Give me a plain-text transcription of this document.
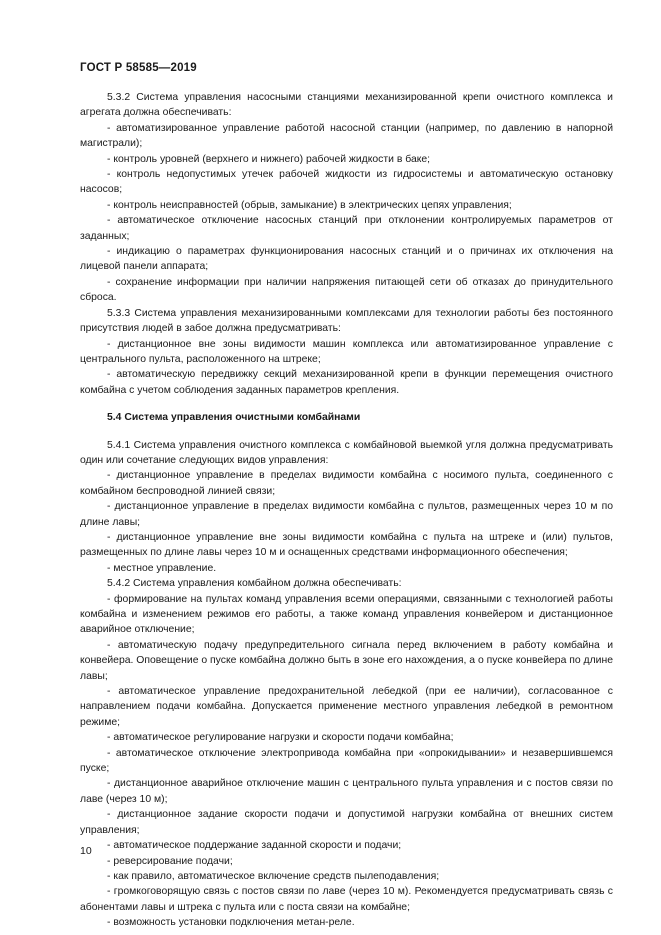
ГОСТ Р 58585—2019

5.3.2 Система управления насосными станциями механизированной крепи очистного комплекса и агрегата должна обеспечивать:

- автоматизированное управление работой насосной станции (например, по давлению в напорной магистрали);

- контроль уровней (верхнего и нижнего) рабочей жидкости в баке;

- контроль недопустимых утечек рабочей жидкости из гидросистемы и автоматическую остановку насосов;

- контроль неисправностей (обрыв, замыкание) в электрических цепях управления;

- автоматическое отключение насосных станций при отклонении контролируемых параметров от заданных;

- индикацию о параметрах функционирования насосных станций и о причинах их отключения на лицевой панели аппарата;

- сохранение информации при наличии напряжения питающей сети об отказах до принудительного сброса.

5.3.3 Система управления механизированными комплексами для технологии работы без постоянного присутствия людей в забое должна предусматривать:

- дистанционное вне зоны видимости машин комплекса или автоматизированное управление с центрального пульта, расположенного на штреке;

- автоматическую передвижку секций механизированной крепи в функции перемещения очистного комбайна с учетом соблюдения заданных параметров крепления.

5.4 Система управления очистными комбайнами

5.4.1 Система управления очистного комплекса с комбайновой выемкой угля должна предусматривать один или сочетание следующих видов управления:

- дистанционное управление в пределах видимости комбайна с носимого пульта, соединенного с комбайном беспроводной линией связи;

- дистанционное управление в пределах видимости комбайна с пультов, размещенных через 10 м по длине лавы;

- дистанционное управление вне зоны видимости комбайна с пульта на штреке и (или) пультов, размещенных по длине лавы через 10 м и оснащенных средствами информационного обеспечения;

- местное управление.

5.4.2 Система управления комбайном должна обеспечивать:

- формирование на пультах команд управления всеми операциями, связанными с технологией работы комбайна и изменением режимов его работы, а также команд управления конвейером и дистанционное аварийное отключение;

- автоматическую подачу предупредительного сигнала перед включением в работу комбайна и конвейера. Оповещение о пуске комбайна должно быть в зоне его нахождения, а о пуске конвейера по длине лавы;

- автоматическое управление предохранительной лебедкой (при ее наличии), согласованное с направлением подачи комбайна. Допускается применение местного управления лебедкой в ремонтном режиме;

- автоматическое регулирование нагрузки и скорости подачи комбайна;

- автоматическое отключение электропривода комбайна при «опрокидывании» и незавершившемся пуске;

- дистанционное аварийное отключение машин с центрального пульта управления и с постов связи по лаве (через 10 м);

- дистанционное задание скорости подачи и допустимой нагрузки комбайна от внешних систем управления;

- автоматическое поддержание заданной скорости и подачи;

- реверсирование подачи;

- как правило, автоматическое включение средств пылеподавления;

- громкоговорящую связь с постов связи по лаве (через 10 м). Рекомендуется предусматривать связь с абонентами лавы и штрека с пульта или с поста связи на комбайне;

- возможность установки подключения метан-реле.

10
